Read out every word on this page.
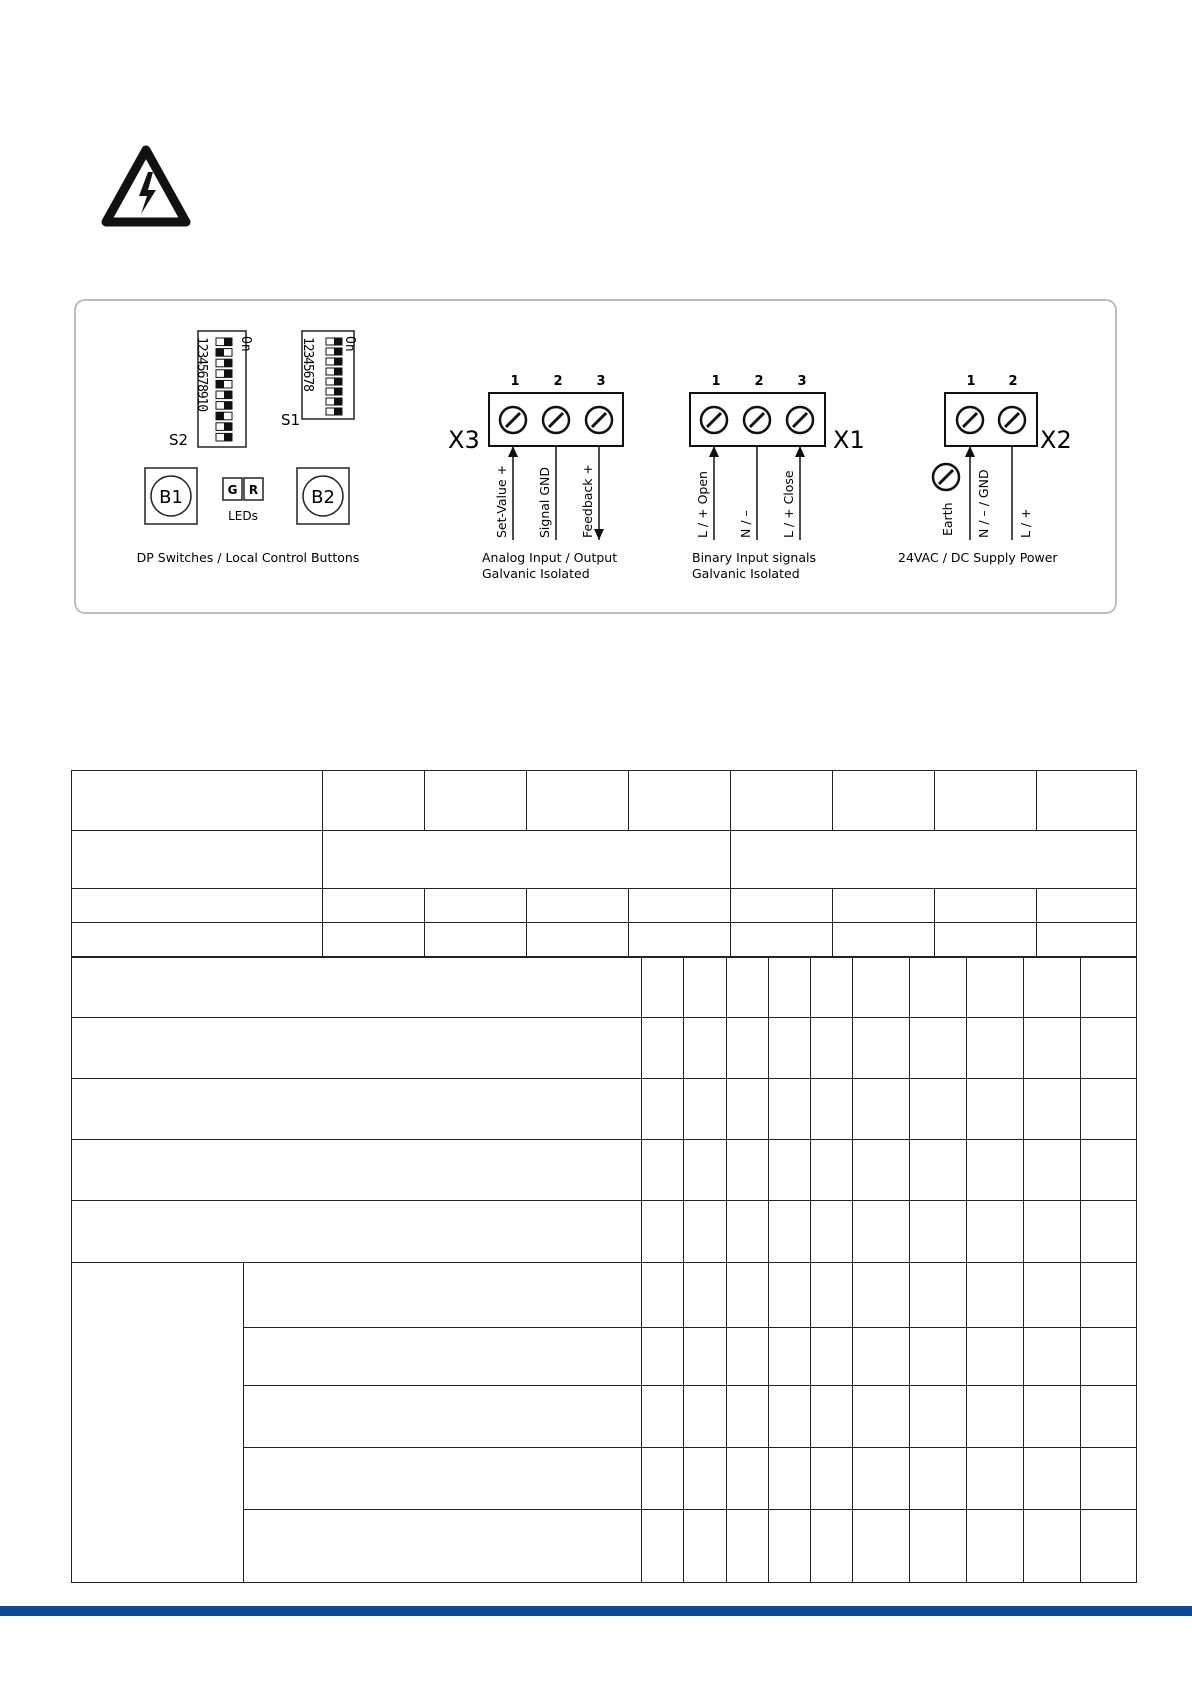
On
12345678910
S2
On
12345678
S1
B1	B2
G R
LEDs
DP Switches / Local Control Buttons
X3
1	2	3
Set-Value + Signal GND Feedback +
Analog Input / Output
Galvanic Isolated
1	2	3
X1
L / + Open N / – L / + Close
Binary Input signals
Galvanic Isolated
1	2
X2
Earth N / – / GND L / +
24VAC / DC Supply Power
